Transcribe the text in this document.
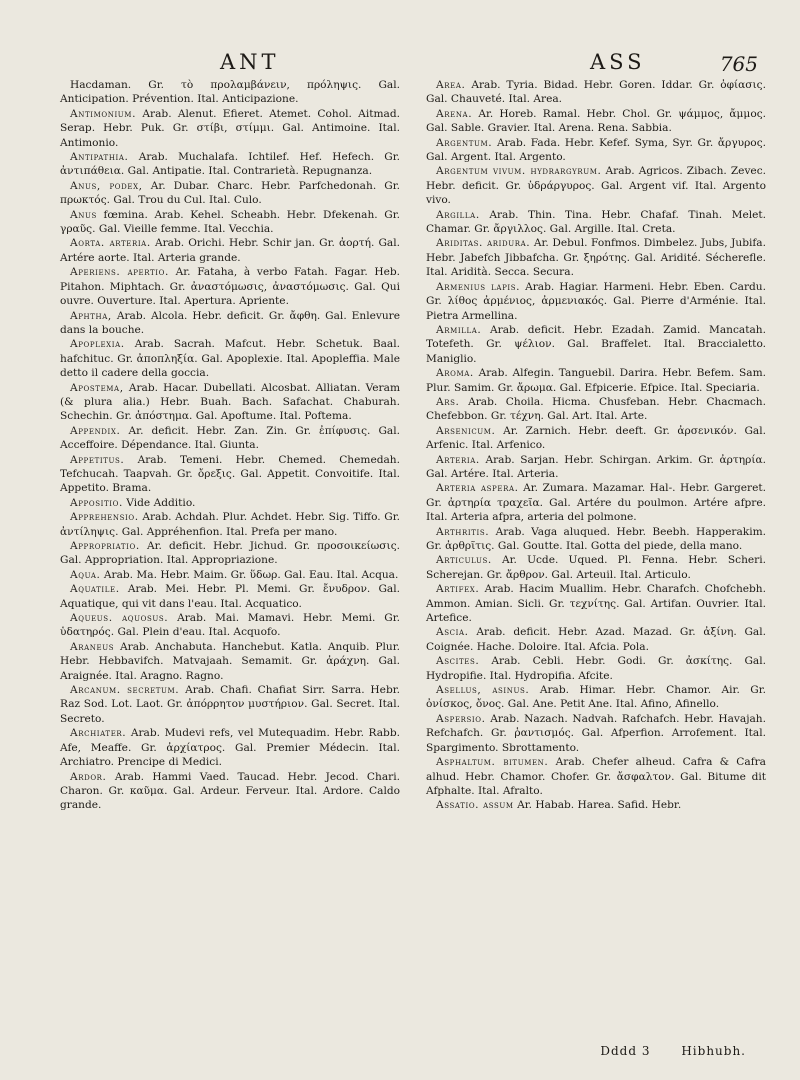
ANT	ASS	765

Hacdaman. Gr. τὸ προλαμβάνειν, πρόληψις. Gal. Anticipation. Prévention. Ital. Anticipazione.

Antimonium. Arab. Alenut. Efieret. Atemet. Cohol. Aitmad. Serap. Hebr. Puk. Gr. στίβι, στίμμι. Gal. Antimoine. Ital. Antimonio.

Antipathia. Arab. Muchalafa. Ichtilef. Hef. Hefech. Gr. ἀντιπάθεια. Gal. Antipatie. Ital. Contrarietà. Repugnanza.

Anus, podex, Ar. Dubar. Charc. Hebr. Parfchedonah. Gr. πρωκτός. Gal. Trou du Cul. Ital. Culo.

Anus fœmina. Arab. Kehel. Scheabh. Hebr. Dfekenah. Gr. γραῦς. Gal. Vieille femme. Ital. Vecchia.

Aorta. arteria. Arab. Orichi. Hebr. Schir jan. Gr. ἀορτή. Gal. Artére aorte. Ital. Arteria grande.

Aperiens. apertio. Ar. Fataha, à verbo Fatah. Fagar. Heb. Pitahon. Miphtach. Gr. ἀναστόμωσις, ἀναστόμωσις. Gal. Qui ouvre. Ouverture. Ital. Apertura. Apriente.

Aphtha, Arab. Alcola. Hebr. deficit. Gr. ἄφθη. Gal. Enlevure dans la bouche.

Apoplexia. Arab. Sacrah. Mafcut. Hebr. Schetuk. Baal. hafchituc. Gr. ἀποπληξία. Gal. Apoplexie. Ital. Apopleffia. Male detto il cadere della goccia.

Apostema, Arab. Hacar. Dubellati. Alcosbat. Alliatan. Veram (& plura alia.) Hebr. Buah. Bach. Safachat. Chaburah. Schechin. Gr. ἀπόστημα. Gal. Apoftume. Ital. Poftema.

Appendix. Ar. deficit. Hebr. Zan. Zin. Gr. ἐπίφυσις. Gal. Acceffoire. Dépendance. Ital. Giunta.

Appetitus. Arab. Temeni. Hebr. Chemed. Chemedah. Tefchucah. Taapvah. Gr. ὄρεξις. Gal. Appetit. Convoitife. Ital. Appetito. Brama.

Appositio. Vide Additio.

Apprehensio. Arab. Achdah. Plur. Achdet. Hebr. Sig. Tiffo. Gr. ἀντίληψις. Gal. Appréhenfion. Ital. Prefa per mano.

Appropriatio. Ar. deficit. Hebr. Jichud. Gr. προσοικείωσις. Gal. Appropriation. Ital. Appropriazione.

Aqua. Arab. Ma. Hebr. Maim. Gr. ὕδωρ. Gal. Eau. Ital. Acqua.

Aquatile. Arab. Mei. Hebr. Pl. Memi. Gr. ἔνυδρον. Gal. Aquatique, qui vit dans l'eau. Ital. Acquatico.

Aqueus. aquosus. Arab. Mai. Mamavi. Hebr. Memi. Gr. ὑδατηρός. Gal. Plein d'eau. Ital. Acquofo.

Araneus Arab. Anchabuta. Hanchebut. Katla. Anquib. Plur. Hebr. Hebbavifch. Matvajaah. Semamit. Gr. ἀράχνη. Gal. Araignée. Ital. Aragno. Ragno.

Arcanum. secretum. Arab. Chafi. Chafiat Sirr. Sarra. Hebr. Raz Sod. Lot. Laot. Gr. ἀπόρρητον μυστήριον. Gal. Secret. Ital. Secreto.

Archiater. Arab. Mudevi refs, vel Mutequadim. Hebr. Rabb. Afe, Meaffe. Gr. ἀρχίατρος. Gal. Premier Médecin. Ital. Archiatro. Prencipe di Medici.

Ardor. Arab. Hammi Vaed. Taucad. Hebr. Jecod. Chari. Charon. Gr. καῦμα. Gal. Ardeur. Ferveur. Ital. Ardore. Caldo grande.

Area. Arab. Tyria. Bidad. Hebr. Goren. Iddar. Gr. ὀφίασις. Gal. Chauveté. Ital. Area.

Arena. Ar. Horeb. Ramal. Hebr. Chol. Gr. ψάμμος, ἄμμος. Gal. Sable. Gravier. Ital. Arena. Rena. Sabbia.

Argentum. Arab. Fada. Hebr. Kefef. Syma, Syr. Gr. ἄργυρος. Gal. Argent. Ital. Argento.

Argentum vivum. hydrargyrum. Arab. Agricos. Zibach. Zevec. Hebr. deficit. Gr. ὑδράργυρος. Gal. Argent vif. Ital. Argento vivo.

Argilla. Arab. Thin. Tina. Hebr. Chafaf. Tinah. Melet. Chamar. Gr. ἄργιλλος. Gal. Argille. Ital. Creta.

Ariditas. aridura. Ar. Debul. Fonfmos. Dimbelez. Jubs, Jubifa. Hebr. Jabefch Jibbafcha. Gr. ξηρότης. Gal. Aridité. Sécherefle. Ital. Aridità. Secca. Secura.

Armenius lapis. Arab. Hagiar. Harmeni. Hebr. Eben. Cardu. Gr. λίθος ἀρμένιος, ἀρμενιακός. Gal. Pierre d'Arménie. Ital. Pietra Armellina.

Armilla. Arab. deficit. Hebr. Ezadah. Zamid. Mancatah. Totefeth. Gr. ψέλιον. Gal. Braffelet. Ital. Braccialetto. Maniglio.

Aroma. Arab. Alfegin. Tanguebil. Darira. Hebr. Befem. Sam. Plur. Samim. Gr. ἄρωμα. Gal. Efpicerie. Efpice. Ital. Speciaria.

Ars. Arab. Choila. Hicma. Chusfeban. Hebr. Chacmach. Chefebbon. Gr. τέχνη. Gal. Art. Ital. Arte.

Arsenicum. Ar. Zarnich. Hebr. deeft. Gr. ἀρσενικόν. Gal. Arfenic. Ital. Arfenico.

Arteria. Arab. Sarjan. Hebr. Schirgan. Arkim. Gr. ἀρτηρία. Gal. Artére. Ital. Arteria.

Arteria aspera. Ar. Zumara. Mazamar. Hal-. Hebr. Gargeret. Gr. ἀρτηρία τραχεῖα. Gal. Artére du poulmon. Artére afpre. Ital. Arteria afpra, arteria del polmone.

Arthritis. Arab. Vaga aluqued. Hebr. Beebh. Happerakim. Gr. ἀρθρῖτις. Gal. Goutte. Ital. Gotta del piede, della mano.

Articulus. Ar. Ucde. Uqued. Pl. Fenna. Hebr. Scheri. Scherejan. Gr. ἄρθρον. Gal. Arteuil. Ital. Articulo.

Artifex. Arab. Hacim Muallim. Hebr. Charafch. Chofchebh. Ammon. Amian. Sicli. Gr. τεχνίτης. Gal. Artifan. Ouvrier. Ital. Artefice.

Ascia. Arab. deficit. Hebr. Azad. Mazad. Gr. ἀξίνη. Gal. Coignée. Hache. Doloire. Ital. Afcia. Pola.

Ascites. Arab. Cebli. Hebr. Godi. Gr. ἀσκίτης. Gal. Hydropifie. Ital. Hydropifia. Afcite.

Asellus, asinus. Arab. Himar. Hebr. Chamor. Air. Gr. ὀνίσκος, ὄνος. Gal. Ane. Petit Ane. Ital. Afino, Afinello.

Aspersio. Arab. Nazach. Nadvah. Rafchafch. Hebr. Havajah. Refchafch. Gr. ῥαντισμός. Gal. Afperfion. Arrofement. Ital. Spargimento. Sbrottamento.

Asphaltum. bitumen. Arab. Chefer alheud. Cafra & Cafra alhud. Hebr. Chamor. Chofer. Gr. ἄσφαλτον. Gal. Bitume dit Afphalte. Ital. Afralto.

Assatio. assum Ar. Habab. Harea. Safid. Hebr.

Dddd 3	Hibhubh.
